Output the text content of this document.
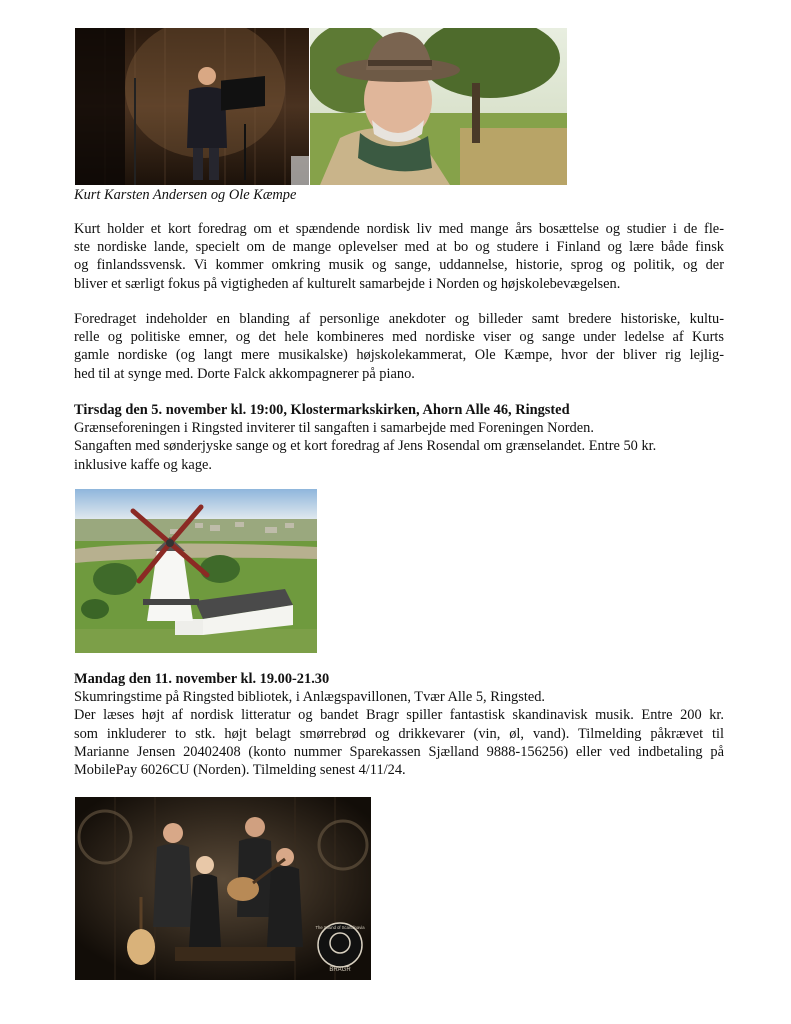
Kurt Karsten Andersen og Ole Kæmpe

Kurt holder et kort foredrag om et spændende nordisk liv med mange års bosættelse og studier i de fle-
ste nordiske lande, specielt om de mange oplevelser med at bo og studere i Finland og lære både finsk
og finlandssvensk. Vi kommer omkring musik og sange, uddannelse, historie, sprog og politik, og der
bliver et særligt fokus på vigtigheden af kulturelt samarbejde i Norden og højskolebevægelsen.
Foredraget indeholder en blanding af personlige anekdoter og billeder samt bredere historiske, kultu-
relle og politiske emner, og det hele kombineres med nordiske viser og sange under ledelse af Kurts
gamle nordiske (og langt mere musikalske) højskolekammerat, Ole Kæmpe, hvor der bliver rig lejlig-
hed til at synge med. Dorte Falck akkompagnerer på piano.
Tirsdag den 5. november kl. 19:00, Klostermarkskirken, Ahorn Alle 46, Ringsted
Grænseforeningen i Ringsted inviterer til sangaften i samarbejde med Foreningen Norden.
Sangaften med sønderjyske sange og et kort foredrag af Jens Rosendal om grænselandet. Entre 50 kr.
inklusive kaffe og kage.
Mandag den 11. november kl. 19.00-21.30
Skumringstime på Ringsted bibliotek, i Anlægspavillonen, Tvær Alle 5, Ringsted.
Der læses højt af nordisk litteratur og bandet Bragr spiller fantastisk skandinavisk musik. Entre 200 kr.
som inkluderer to stk. højt belagt smørrebrød og drikkevarer (vin, øl, vand). Tilmelding påkrævet til
Marianne Jensen 20402408 (konto nummer Sparekassen Sjælland 9888-156256) eller ved indbetaling på
MobilePay 6026CU (Norden). Tilmelding senest 4/11/24.
BRAGR
The Sound of Scandinavia
